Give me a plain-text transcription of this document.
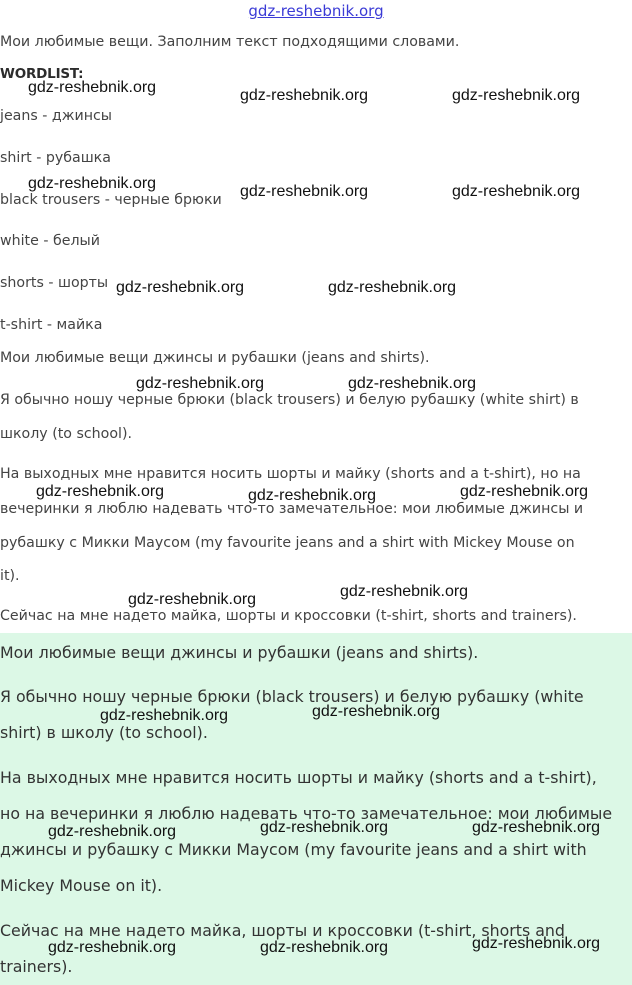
gdz-reshebnik.org
Мои любимые вещи. Заполним текст подходящими словами.
WORDLIST:
jeans - джинсы
shirt - рубашка
black trousers - черные брюки
white - белый
shorts - шорты
t-shirt - майка
Мои любимые вещи джинсы и рубашки (jeans and shirts).
Я обычно ношу черные брюки (black trousers) и белую рубашку (white shirt) в
школу (to school).
На выходных мне нравится носить шорты и майку (shorts and a t-shirt), но на
вечеринки я люблю надевать что-то замечательное: мои любимые джинсы и
рубашку с Микки Маусом (my favourite jeans and a shirt with Mickey Mouse on
it).
Сейчас на мне надето майка, шорты и кроссовки (t-shirt, shorts and trainers).
Мои любимые вещи джинсы и рубашки (jeans and shirts).
Я обычно ношу черные брюки (black trousers) и белую рубашку (white
shirt) в школу (to school).
На выходных мне нравится носить шорты и майку (shorts and a t-shirt),
но на вечеринки я люблю надевать что-то замечательное: мои любимые
джинсы и рубашку с Микки Маусом (my favourite jeans and a shirt with
Mickey Mouse on it).
Сейчас на мне надето майка, шорты и кроссовки (t-shirt, shorts and
trainers).
gdz-reshebnik.org	gdz-reshebnik.org	gdz-reshebnik.org
gdz-reshebnik.org	gdz-reshebnik.org	gdz-reshebnik.org
gdz-reshebnik.org	gdz-reshebnik.org
gdz-reshebnik.org	gdz-reshebnik.org
gdz-reshebnik.org	gdz-reshebnik.org	gdz-reshebnik.org
gdz-reshebnik.org
gdz-reshebnik.org
gdz-reshebnik.org
gdz-reshebnik.org
gdz-reshebnik.org	gdz-reshebnik.org	gdz-reshebnik.org
gdz-reshebnik.org	gdz-reshebnik.org	gdz-reshebnik.org
